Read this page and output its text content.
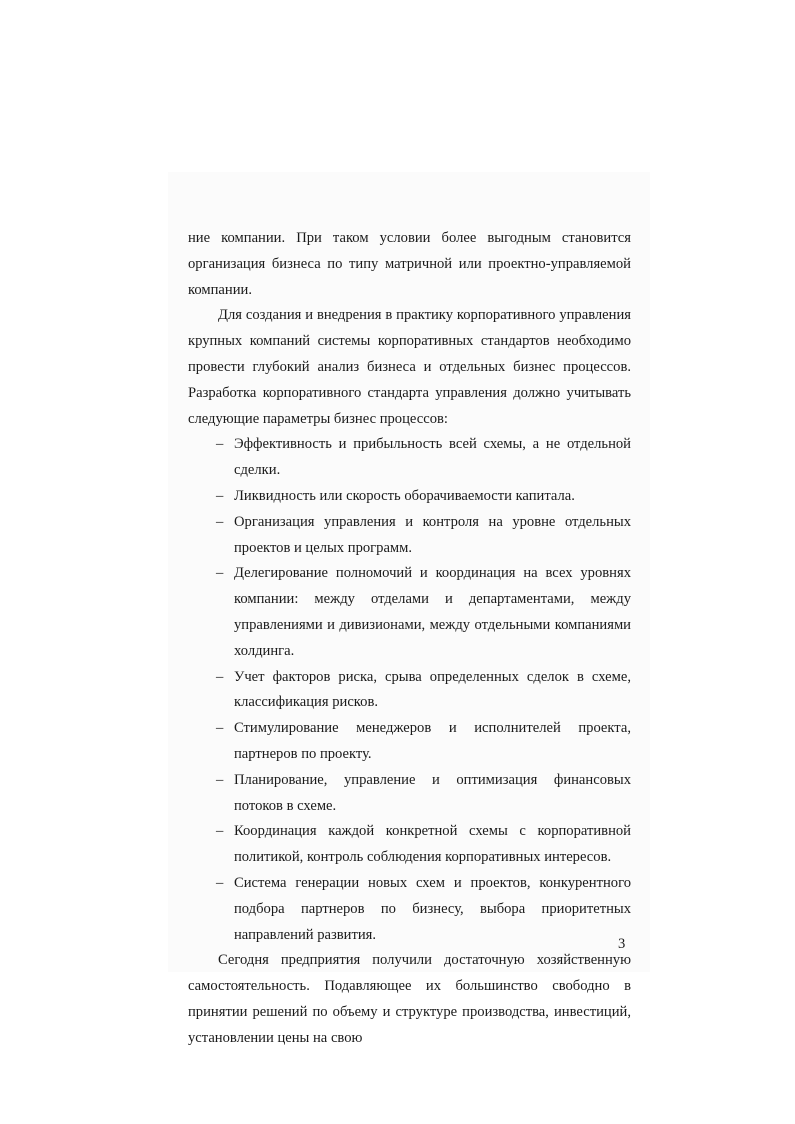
ние компании. При таком условии более выгодным становится организация бизнеса по типу матричной или проектно-управляемой компании.

Для создания и внедрения в практику корпоративного управления крупных компаний системы корпоративных стандартов необходимо провести глубокий анализ бизнеса и отдельных бизнес процессов. Разработка корпоративного стандарта управления должно учитывать следующие параметры бизнес процессов:

– Эффективность и прибыльность всей схемы, а не отдельной сделки.
– Ликвидность или скорость оборачиваемости капитала.
– Организация управления и контроля на уровне отдельных проектов и целых программ.
– Делегирование полномочий и координация на всех уровнях компании: между отделами и департаментами, между управлениями и дивизионами, между отдельными компаниями холдинга.
– Учет факторов риска, срыва определенных сделок в схеме, классификация рисков.
– Стимулирование менеджеров и исполнителей проекта, партнеров по проекту.
– Планирование, управление и оптимизация финансовых потоков в схеме.
– Координация каждой конкретной схемы с корпоративной политикой, контроль соблюдения корпоративных интересов.
– Система генерации новых схем и проектов, конкурентного подбора партнеров по бизнесу, выбора приоритетных направлений развития.

Сегодня предприятия получили достаточную хозяйственную самостоятельность. Подавляющее их большинство свободно в принятии решений по объему и структуре производства, инвестиций, установлении цены на свою

3
